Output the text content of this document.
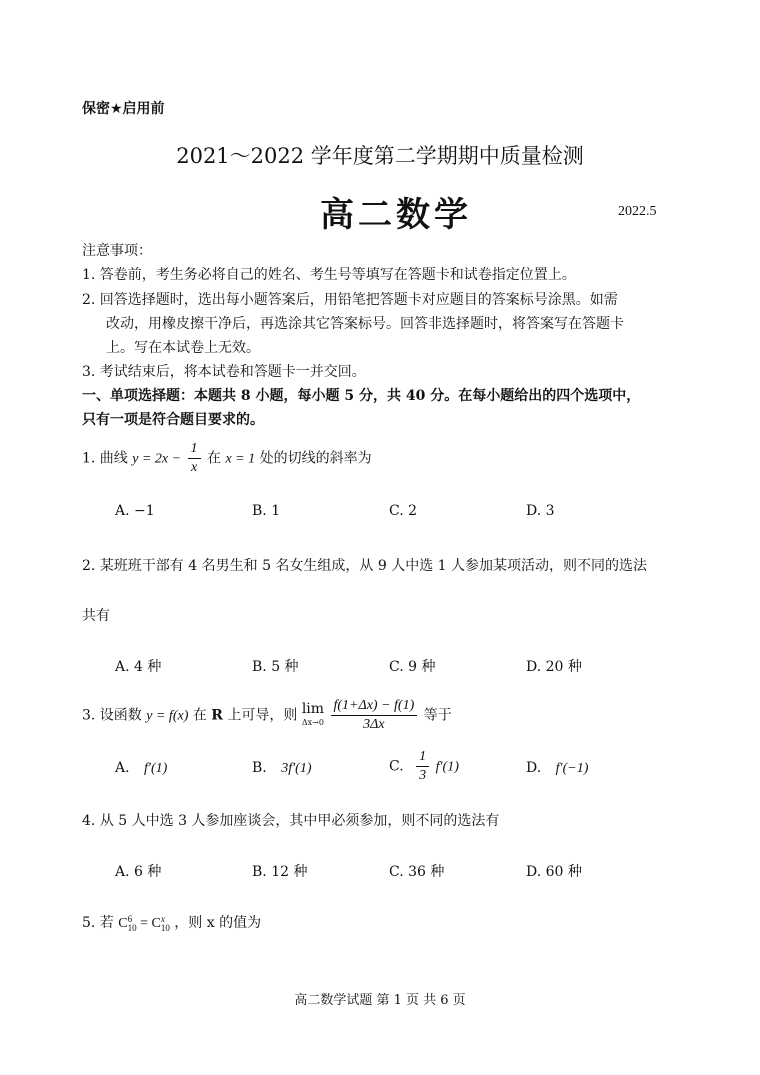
保密★启用前
2021～2022 学年度第二学期期中质量检测
高二数学	2022.5
注意事项：
1. 答卷前，考生务必将自己的姓名、考生号等填写在答题卡和试卷指定位置上。
2. 回答选择题时，选出每小题答案后，用铅笔把答题卡对应题目的答案标号涂黑。如需
改动，用橡皮擦干净后，再选涂其它答案标号。回答非选择题时，将答案写在答题卡
上。写在本试卷上无效。
3. 考试结束后，将本试卷和答题卡一并交回。
一、单项选择题：本题共 8 小题，每小题 5 分，共 40 分。在每小题给出的四个选项中，
只有一项是符合题目要求的。
1. 曲线 $y = 2x - \frac{1}{x}$ 在 x = 1 处的切线的斜率为
A. −1	B. 1	C. 2	D. 3
2. 某班班干部有 4 名男生和 5 名女生组成，从 9 人中选 1 人参加某项活动，则不同的选法
共有
A. 4 种	B. 5 种	C. 9 种	D. 20 种
3. 设函数 y = f(x) 在 R 上可导，则 lim
Δx→0
$\frac{f(1+\Delta x) - f(1)}{3\Delta x}$ 等于
A. f′(1)	B. 3f′(1)	C. $\frac{1}{3} f'(1)$	D. f′(−1)
4. 从 5 人中选 3 人参加座谈会，其中甲必须参加，则不同的选法有
A. 6 种	B. 12 种	C. 36 种	D. 60 种
5. 若 C 6
10 = C x
10 ，则 x 的值为
高二数学试题 第 1 页 共 6 页
